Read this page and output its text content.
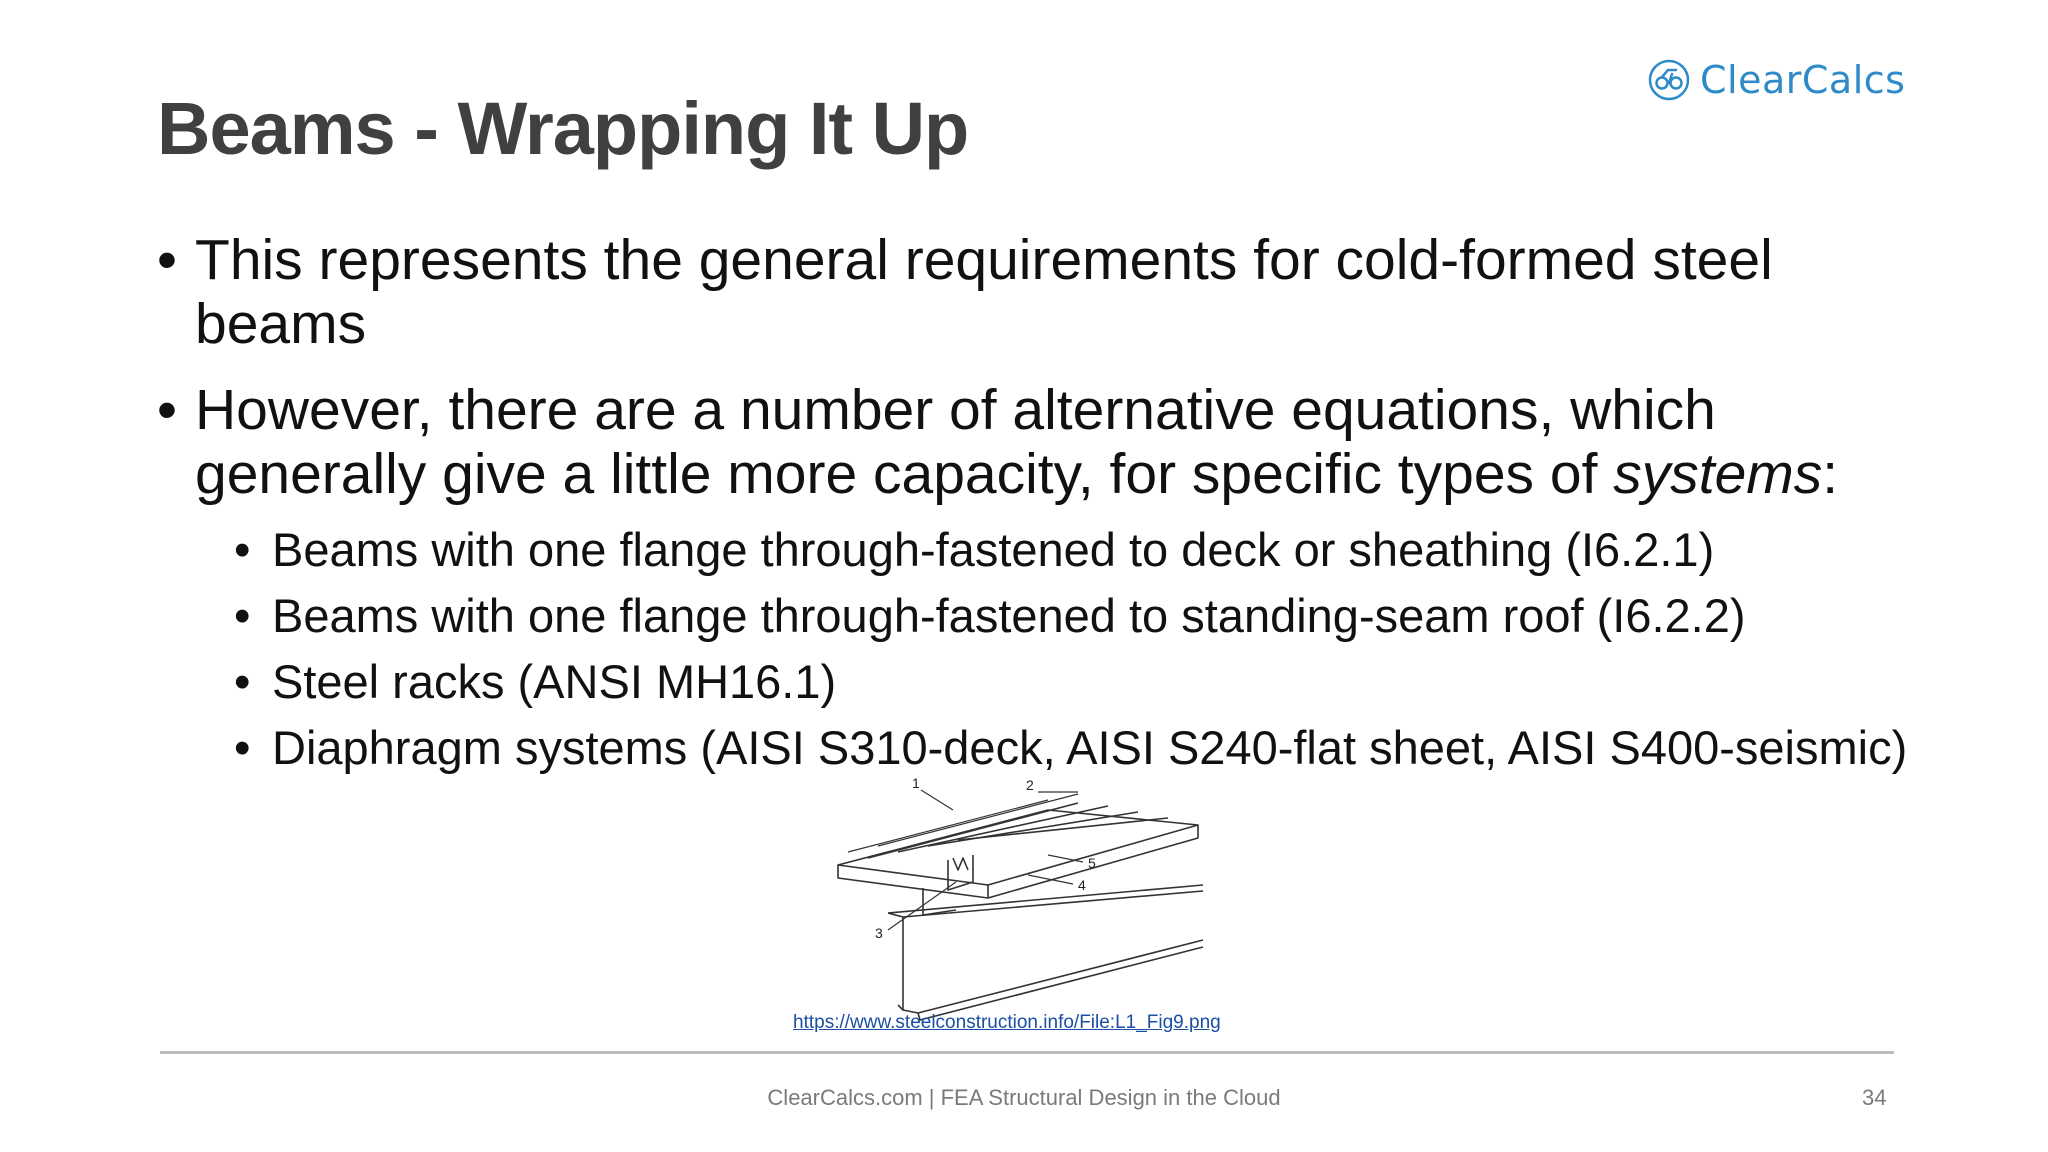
ClearCalcs
Beams - Wrapping It Up
• This represents the general requirements for cold-formed steel beams
• However, there are a number of alternative equations, which generally give a little more capacity, for specific types of systems:
• Beams with one flange through-fastened to deck or sheathing (I6.2.1)
• Beams with one flange through-fastened to standing-seam roof (I6.2.2)
• Steel racks (ANSI MH16.1)
• Diaphragm systems (AISI S310-deck, AISI S240-flat sheet, AISI S400-seismic)
1	2
3
4
5
https://www.steelconstruction.info/File:L1_Fig9.png
ClearCalcs.com | FEA Structural Design in the Cloud	34
